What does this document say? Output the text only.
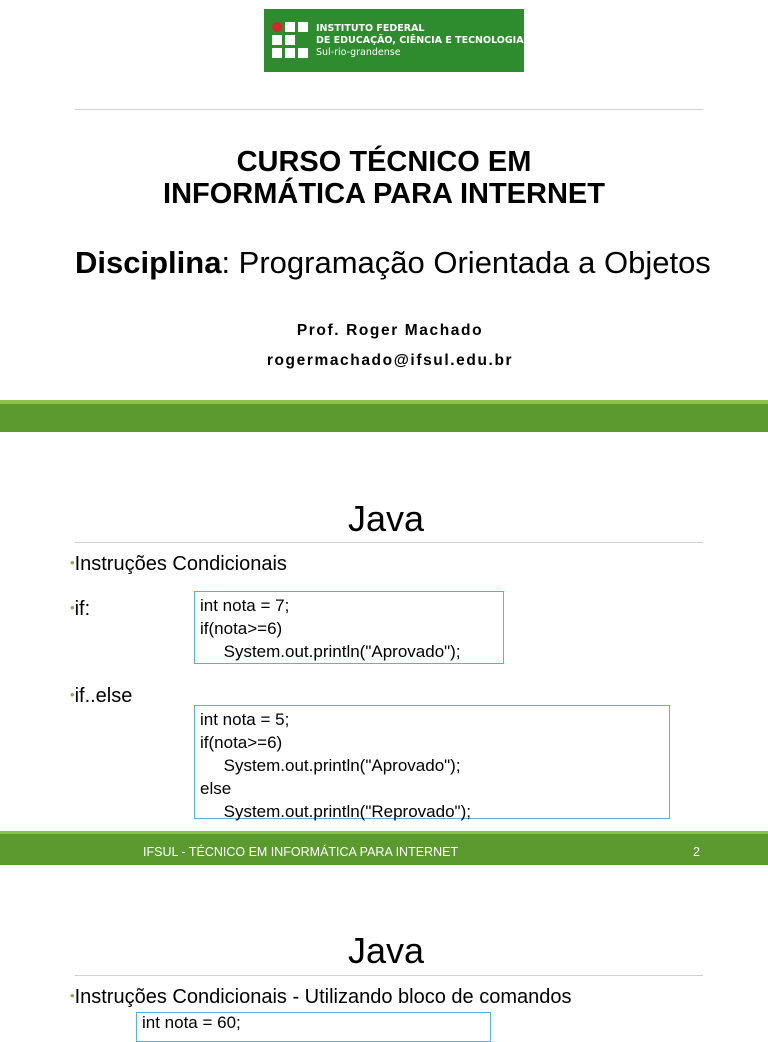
INSTITUTO FEDERAL
DE EDUCAÇÃO, CIÊNCIA E TECNOLOGIA
Sul-rio-grandense
CURSO TÉCNICO EM
INFORMÁTICA PARA INTERNET
Disciplina: Programação Orientada a Objetos
Prof. Roger Machado
rogermachado@ifsul.edu.br
Java
•Instruções Condicionais
•if:	int nota = 7;
if(nota>=6)
System.out.println("Aprovado");
•if..else
int nota = 5;
if(nota>=6)
System.out.println("Aprovado");
else
System.out.println("Reprovado");
IFSUL - TÉCNICO EM INFORMÁTICA PARA INTERNET	2
Java
•Instruções Condicionais - Utilizando bloco de comandos
int nota = 60;
